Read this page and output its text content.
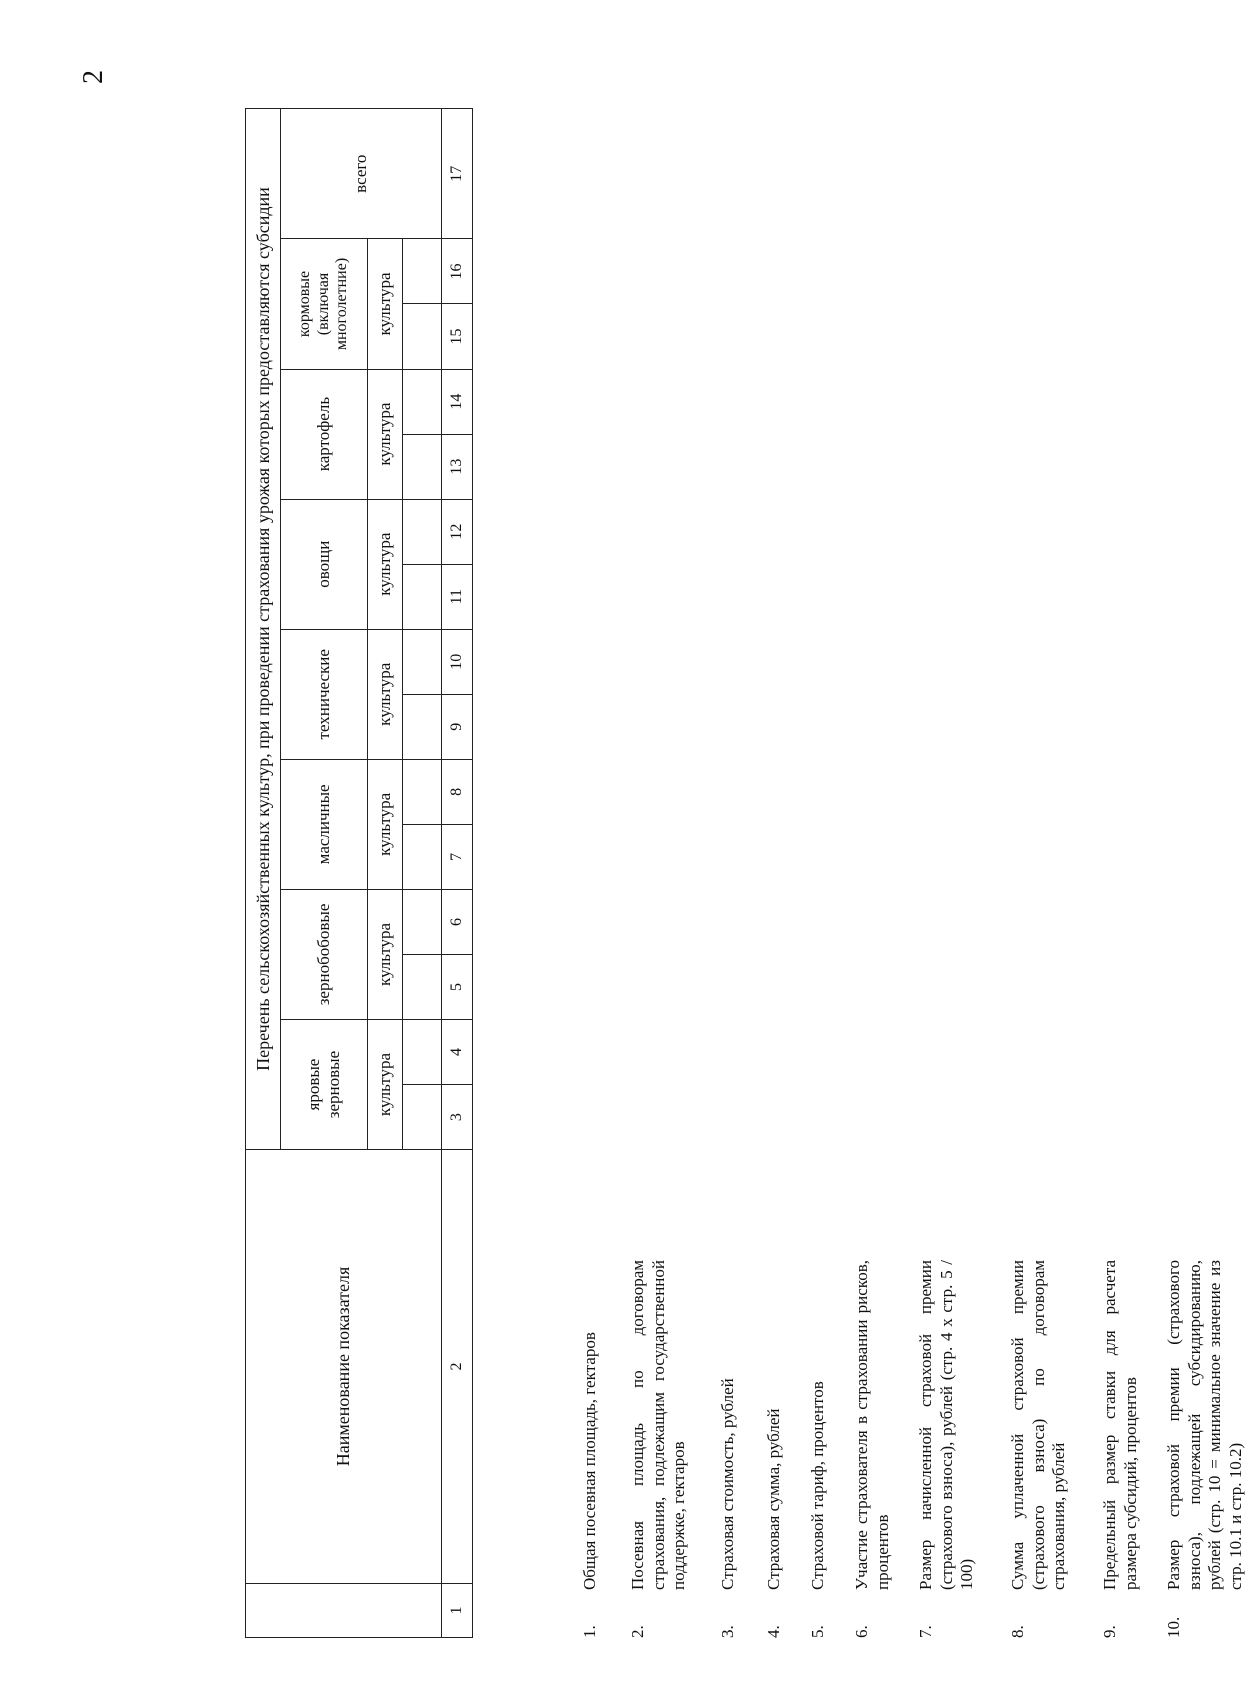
2
	Наименование показателя	Перечень сельскохозяйственных культур, при проведении страхования урожая которых предоставляются субсидии														
		яровые зерновые		зернобобовые		масличные		технические		овощи		картофель		кормовые (включая многолетние)		всего
		культура		культура		культура		культура		культура		культура		культура		

1	2	3	4	5	6	7	8	9	10	11	12	13	14	15	16	17
1.
Общая посевная площадь, гектаров
2.
Посевная площадь по договорам страхования, подлежащим государственной поддержке, гектаров
3.
Страховая стоимость, рублей
4.
Страховая сумма, рублей
5.
Страховой тариф, процентов
6.
Участие страхователя в страховании рисков, процентов
7.
Размер начисленной страховой премии (страхового взноса), рублей (стр. 4 х стр. 5 / 100)
8.
Сумма уплаченной страховой премии (страхового взноса) по договорам страхования, рублей
9.
Предельный размер ставки для расчета размера субсидий, процентов
10.
Размер страховой премии (страхового взноса), подлежащей субсидированию, рублей (стр. 10 = минимальное значение из стр. 10.1 и стр. 10.2)
